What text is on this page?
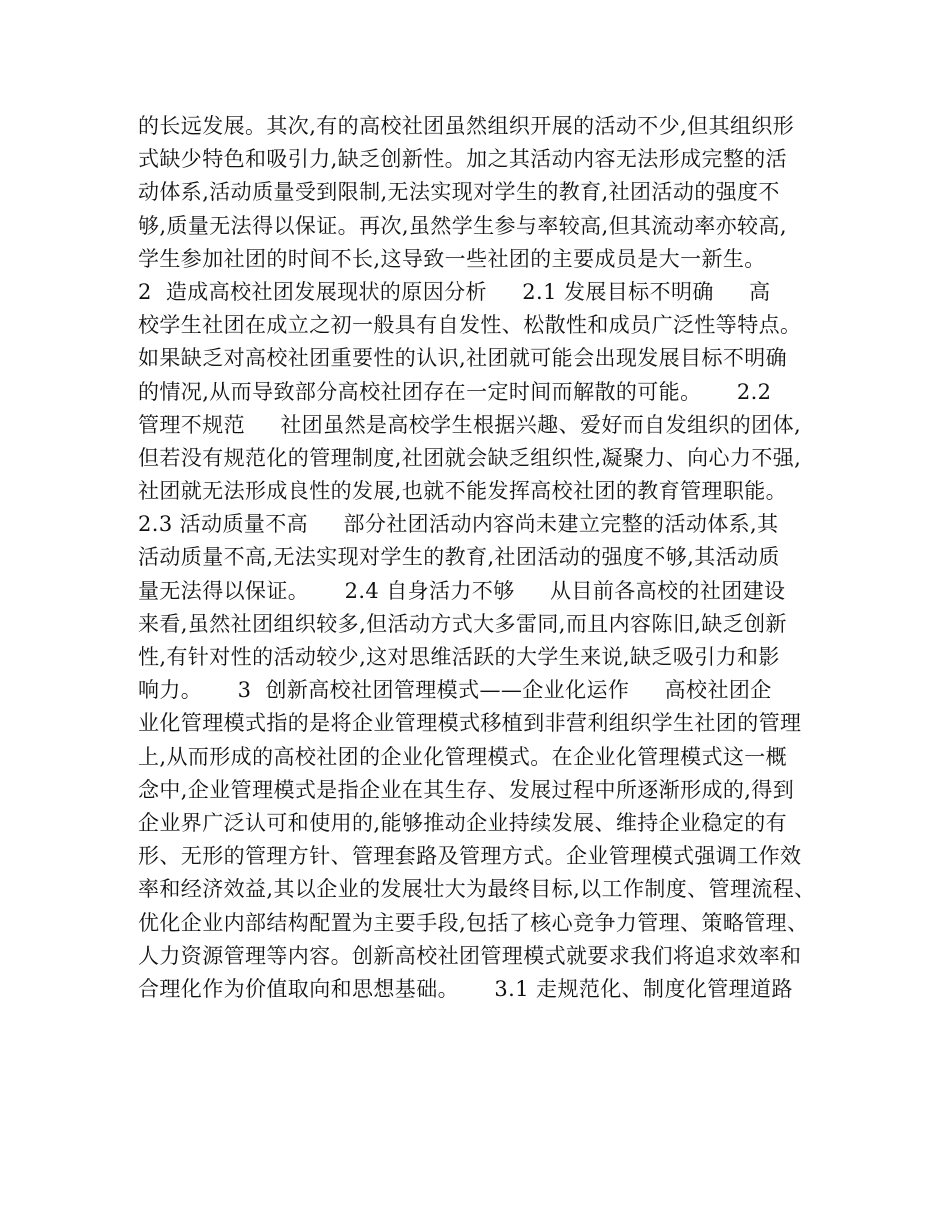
的长远发展。其次,有的高校社团虽然组织开展的活动不少,但其组织形
式缺少特色和吸引力,缺乏创新性。加之其活动内容无法形成完整的活
动体系,活动质量受到限制,无法实现对学生的教育,社团活动的强度不
够,质量无法得以保证。再次,虽然学生参与率较高,但其流动率亦较高,
学生参加社团的时间不长,这导致一些社团的主要成员是大一新生。
2  造成高校社团发展现状的原因分析     2.1 发展目标不明确     高
校学生社团在成立之初一般具有自发性、松散性和成员广泛性等特点。
如果缺乏对高校社团重要性的认识,社团就可能会出现发展目标不明确
的情况,从而导致部分高校社团存在一定时间而解散的可能。     2.2
管理不规范     社团虽然是高校学生根据兴趣、爱好而自发组织的团体,
但若没有规范化的管理制度,社团就会缺乏组织性,凝聚力、向心力不强,
社团就无法形成良性的发展,也就不能发挥高校社团的教育管理职能。
2.3 活动质量不高     部分社团活动内容尚未建立完整的活动体系,其
活动质量不高,无法实现对学生的教育,社团活动的强度不够,其活动质
量无法得以保证。     2.4 自身活力不够     从目前各高校的社团建设
来看,虽然社团组织较多,但活动方式大多雷同,而且内容陈旧,缺乏创新
性,有针对性的活动较少,这对思维活跃的大学生来说,缺乏吸引力和影
响力。     3  创新高校社团管理模式——企业化运作     高校社团企
业化管理模式指的是将企业管理模式移植到非营利组织学生社团的管理
上,从而形成的高校社团的企业化管理模式。在企业化管理模式这一概
念中,企业管理模式是指企业在其生存、发展过程中所逐渐形成的,得到
企业界广泛认可和使用的,能够推动企业持续发展、维持企业稳定的有
形、无形的管理方针、管理套路及管理方式。企业管理模式强调工作效
率和经济效益,其以企业的发展壮大为最终目标,以工作制度、管理流程、
优化企业内部结构配置为主要手段,包括了核心竞争力管理、策略管理、
人力资源管理等内容。创新高校社团管理模式就要求我们将追求效率和
合理化作为价值取向和思想基础。     3.1 走规范化、制度化管理道路
